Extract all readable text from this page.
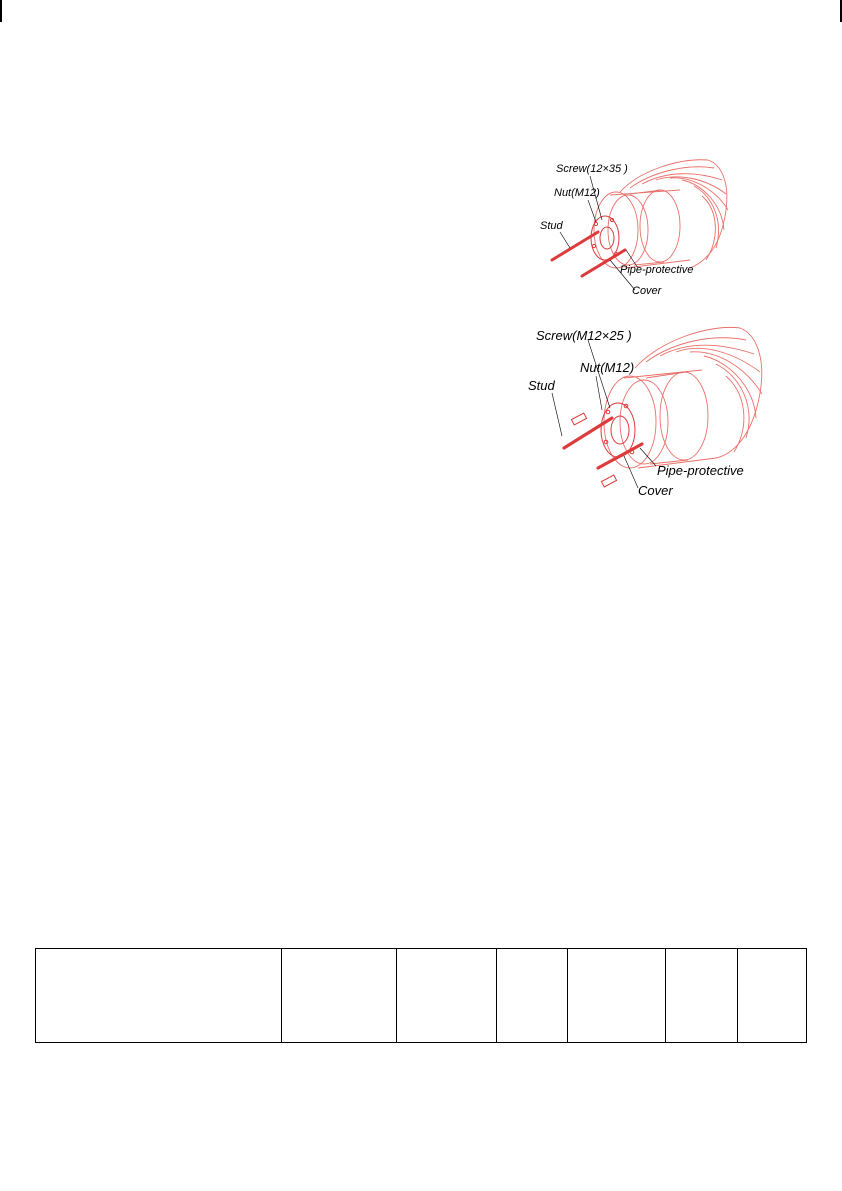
Screw(12×35 )
Nut(M12)
Stud
Pipe-protective
Cover
Screw(M12×25 )
Nut(M12)
Stud
Pipe-protective
Cover
